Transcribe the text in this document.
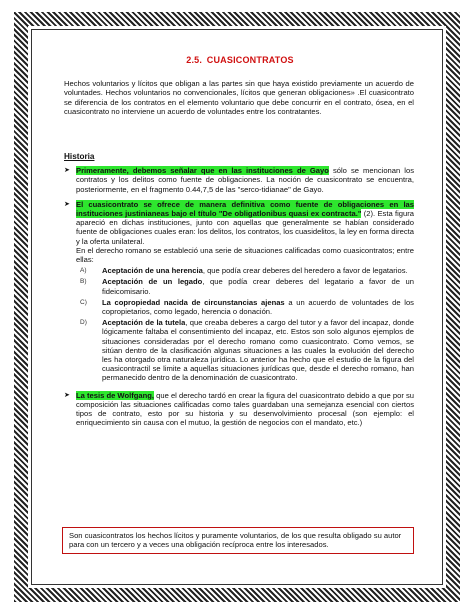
2.5. CUASICONTRATOS

Hechos voluntarios y lícitos que obligan a las partes sin que haya existido previamente un acuerdo de voluntades. Hechos voluntarios no convencionales, lícitos que generan obligaciones» .El cuasicontrato se diferencia de los contratos en el elemento voluntario que debe concurrir en el contrato, ósea, en el cuasicontrato no interviene un acuerdo de voluntades entre los contratantes.

Historia
➤ Primeramente, debemos señalar que en las instituciones de Gayo sólo se mencionan los contratos y los delitos como fuente de obligaciones. La noción de cuasicontrato se encuentra, posteriormente, en el fragmento 0.44,7,5 de las "serco-tidianae" de Gayo.
➤ El cuasicontrato se ofrece de manera definitiva como fuente de obligaciones en las instituciones justinianeas bajo el título "De obligatlonibus quasi ex contracta." (2). Esta figura apareció en dichas instituciones, junto con aquellas que generalmente se habían considerado fuente de obligaciones cuales eran: los delitos, los contratos, los cuasidelitos, la ley en forma directa y la oferta unilateral.

En el derecho romano se estableció una serie de situaciones calificadas como cuasicontratos; entre ellas:

A)	Aceptación de una herencia, que podía crear deberes del heredero a favor de legatarios.
B)	Aceptación de un legado, que podía crear deberes del legatario a favor de un fideicomisario.
C)	La copropiedad nacida de circunstancias ajenas a un acuerdo de voluntades de los copropietarios, como legado, herencia o donación.
D)	Aceptación de la tutela, que creaba deberes a cargo del tutor y a favor del incapaz, donde lógicamente faltaba el consentimiento del incapaz, etc. Estos son solo algunos ejemplos de situaciones consideradas por el derecho romano como cuasicontrato. Como vemos, se sitúan dentro de la clasificación algunas situaciones a las cuales la evolución del derecho les ha otorgado otra naturaleza jurídica. Lo anterior ha hecho que el estudio de la figura del cuasicontractil se limite a aquellas situaciones jurídicas que, desde el derecho romano, han permanecido dentro de la denominación de cuasicontrato.
➤ La tesis de Wolfgang, que el derecho tardó en crear la figura del cuasicontrato debido a que por su composición las situaciones calificadas como tales guardaban una semejanza esencial con ciertos tipos de contrato, esto por su historia y su desenvolvimiento procesal (son ejemplo: el enriquecimiento sin causa con el mutuo, la gestión de negocios con el mandato, etc.)
Son cuasicontratos los hechos lícitos y puramente voluntarios, de los que resulta obligado su autor para con un tercero y a veces una obligación recíproca entre los interesados.
